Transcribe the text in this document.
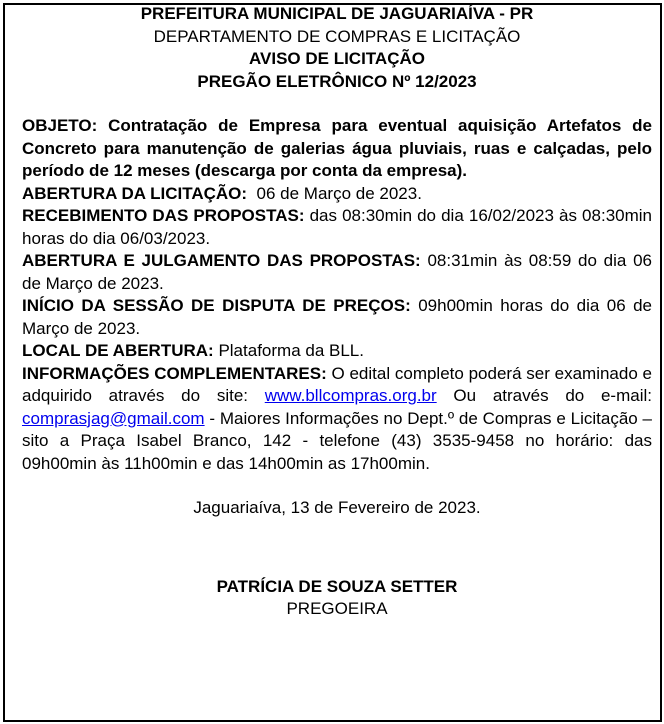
PREFEITURA MUNICIPAL DE JAGUARIAÍVA - PR
DEPARTAMENTO DE COMPRAS E LICITAÇÃO
AVISO DE LICITAÇÃO
PREGÃO ELETRÔNICO Nº 12/2023

OBJETO: Contratação de Empresa para eventual aquisição Artefatos de Concreto para manutenção de galerias água pluviais, ruas e calçadas, pelo período de 12 meses (descarga por conta da empresa).

ABERTURA DA LICITAÇÃO:  06 de Março de 2023.

RECEBIMENTO DAS PROPOSTAS: das 08:30min do dia 16/02/2023 às 08:30min horas do dia 06/03/2023.

ABERTURA E JULGAMENTO DAS PROPOSTAS: 08:31min às 08:59 do dia 06 de Março de 2023.

INÍCIO DA SESSÃO DE DISPUTA DE PREÇOS: 09h00min horas do dia 06 de Março de 2023.

LOCAL DE ABERTURA: Plataforma da BLL.

INFORMAÇÕES COMPLEMENTARES: O edital completo poderá ser examinado e adquirido através do site: www.bllcompras.org.br Ou através do e-mail: comprasjag@gmail.com - Maiores Informações no Dept.º de Compras e Licitação – sito a Praça Isabel Branco, 142 - telefone (43) 3535-9458 no horário: das 09h00min às 11h00min e das 14h00min as 17h00min.

Jaguariaíva, 13 de Fevereiro de 2023.
PATRÍCIA DE SOUZA SETTER
PREGOEIRA
